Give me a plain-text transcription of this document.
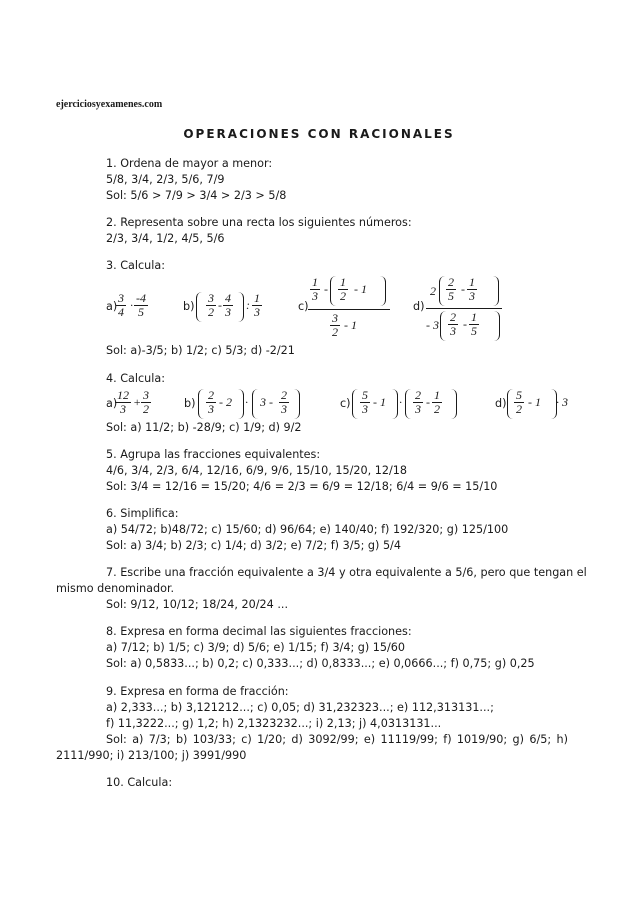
ejerciciosyexamenes.com
OPERACIONES CON RACIONALES
1. Ordena de mayor a menor:
5/8, 3/4, 2/3, 5/6, 7/9
Sol: 5/6 > 7/9 > 3/4 > 2/3 > 5/8
2. Representa sobre una recta los siguientes números:
2/3, 3/4, 1/2, 4/5, 5/6
3. Calcula:
a)
$\frac{3}{4} \cdot \frac{-4}{5}$	$b) \frac{3}{2} - \frac{4}{3}$ : $\frac{1}{3}$	c)
$\frac{1}{3} - \frac{1}{2} - 1$
$\frac{3}{2} - 1$
d)
$2 \frac{2}{5} - \frac{1}{3}$
- $3 \frac{2}{3} - \frac{1}{5}$
Sol: a)-3/5; b) 1/2; c) 5/3; d) -2/21
4. Calcula:
a)
$\frac{12}{3} + \frac{3}{2}$	$b) \frac{2}{3} - 2 \cdot 3 - \frac{2}{3}$	$c) \frac{5}{3} - 1 \cdot \frac{2}{3} - \frac{1}{2}$	$d) \frac{5}{2} - 1 \cdot 3$
Sol: a) 11/2; b) -28/9; c) 1/9; d) 9/2
5. Agrupa las fracciones equivalentes:
4/6, 3/4, 2/3, 6/4, 12/16, 6/9, 9/6, 15/10, 15/20, 12/18
Sol: 3/4 = 12/16 = 15/20; 4/6 = 2/3 = 6/9 = 12/18; 6/4 = 9/6 = 15/10
6. Simplifica:
a) 54/72; b)48/72; c) 15/60; d) 96/64; e) 140/40; f) 192/320; g) 125/100
Sol: a) 3/4; b) 2/3; c) 1/4; d) 3/2; e) 7/2; f) 3/5; g) 5/4
7. Escribe una fracción equivalente a 3/4 y otra equivalente a 5/6, pero que tengan el
mismo denominador.
Sol: 9/12, 10/12; 18/24, 20/24 ...
8. Expresa en forma decimal las siguientes fracciones:
a) 7/12; b) 1/5; c) 3/9; d) 5/6; e) 1/15; f) 3/4; g) 15/60
Sol: a) 0,5833...; b) 0,2; c) 0,333...; d) 0,8333...; e) 0,0666...; f) 0,75; g) 0,25
9. Expresa en forma de fracción:
a) 2,333...; b) 3,121212...; c) 0,05; d) 31,232323...; e) 112,313131...;
f) 11,3222...; g) 1,2; h) 2,1323232...; i) 2,13; j) 4,0313131...
Sol: a) 7/3; b) 103/33; c) 1/20; d) 3092/99; e) 11119/99; f) 1019/90; g) 6/5; h)
2111/990; i) 213/100; j) 3991/990
10. Calcula:
